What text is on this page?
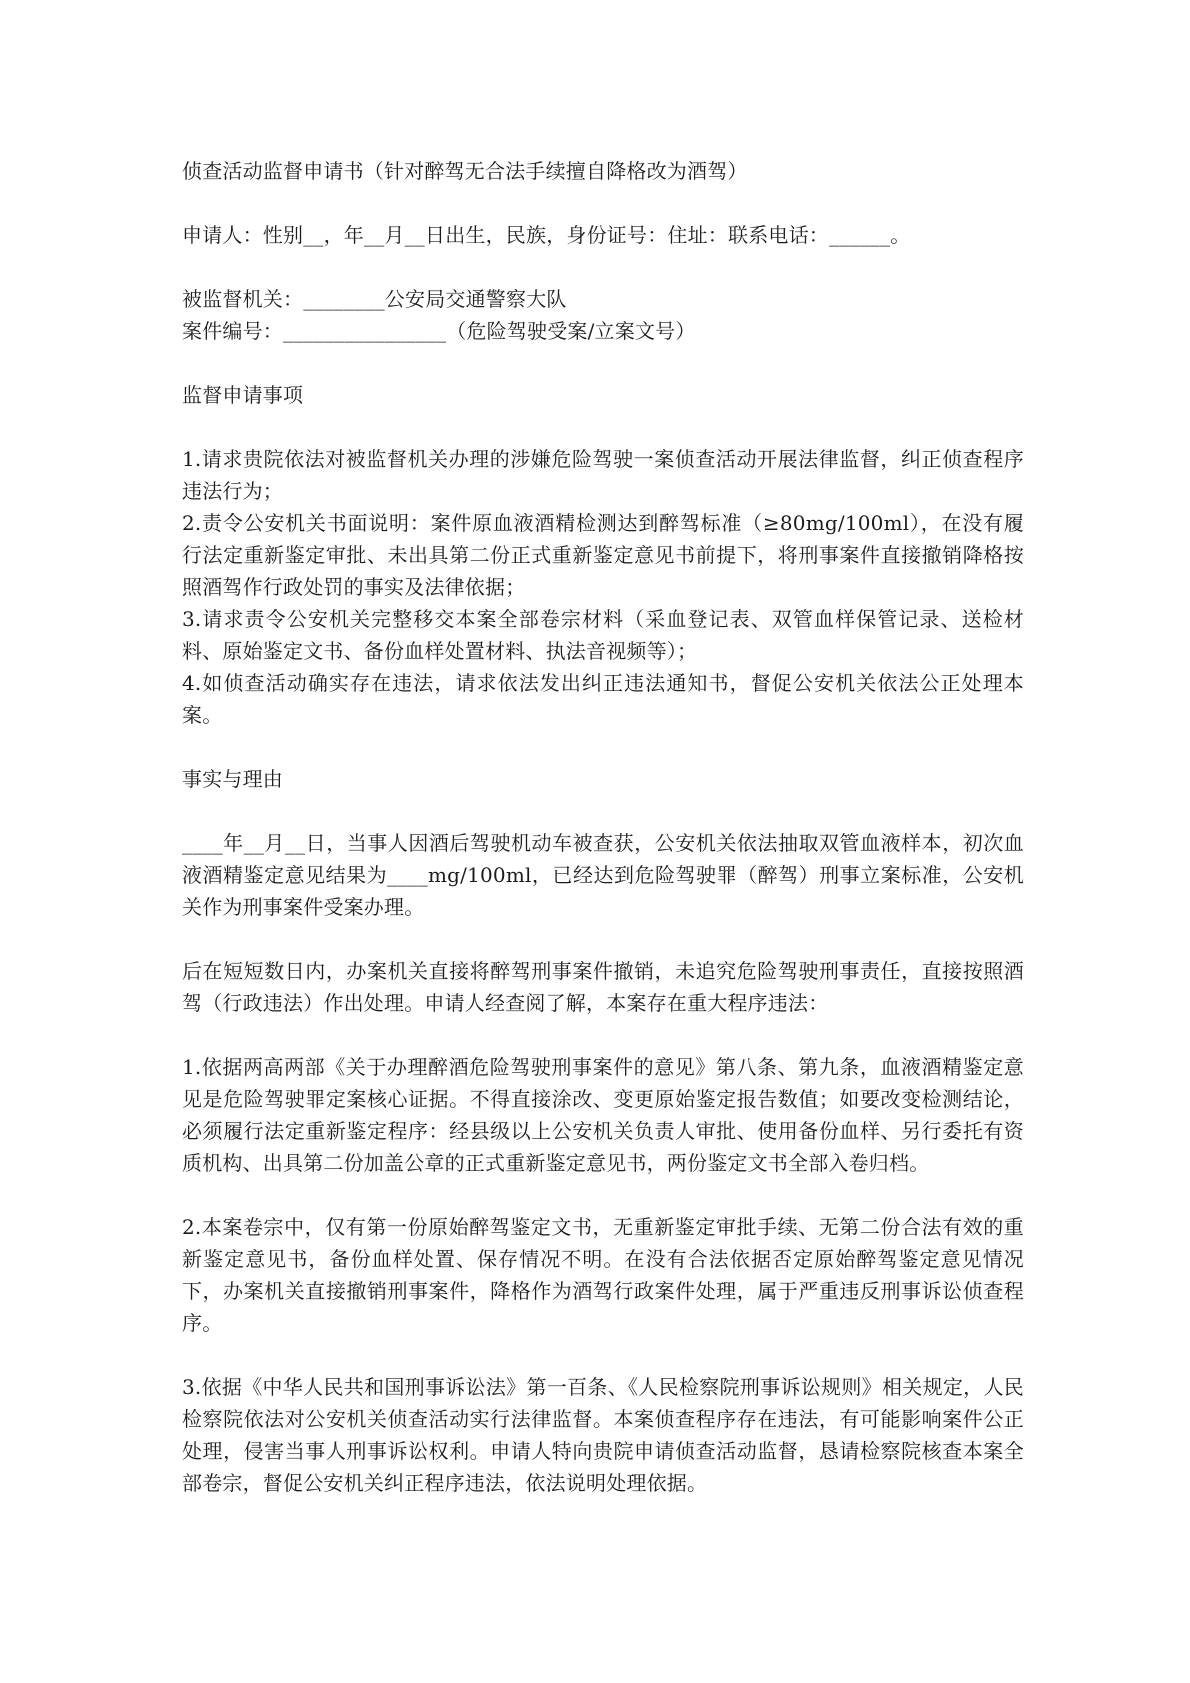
侦查活动监督申请书（针对醉驾无合法手续擅自降格改为酒驾）

申请人：性别__，年__月__日出生，民族，身份证号：住址：联系电话：______。

被监督机关：________公安局交通警察大队

案件编号：________________（危险驾驶受案/立案文号）

监督申请事项

1.请求贵院依法对被监督机关办理的涉嫌危险驾驶一案侦查活动开展法律监督，纠正侦查程序违法行为；

2.责令公安机关书面说明：案件原血液酒精检测达到醉驾标准（≥80mg/100ml），在没有履行法定重新鉴定审批、未出具第二份正式重新鉴定意见书前提下，将刑事案件直接撤销降格按照酒驾作行政处罚的事实及法律依据；

3.请求责令公安机关完整移交本案全部卷宗材料（采血登记表、双管血样保管记录、送检材料、原始鉴定文书、备份血样处置材料、执法音视频等）；

4.如侦查活动确实存在违法，请求依法发出纠正违法通知书，督促公安机关依法公正处理本案。

事实与理由

____年__月__日，当事人因酒后驾驶机动车被查获，公安机关依法抽取双管血液样本，初次血液酒精鉴定意见结果为____mg/100ml，已经达到危险驾驶罪（醉驾）刑事立案标准，公安机关作为刑事案件受案办理。

后在短短数日内，办案机关直接将醉驾刑事案件撤销，未追究危险驾驶刑事责任，直接按照酒驾（行政违法）作出处理。申请人经查阅了解，本案存在重大程序违法：

1.依据两高两部《关于办理醉酒危险驾驶刑事案件的意见》第八条、第九条，血液酒精鉴定意见是危险驾驶罪定案核心证据。不得直接涂改、变更原始鉴定报告数值；如要改变检测结论，必须履行法定重新鉴定程序：经县级以上公安机关负责人审批、使用备份血样、另行委托有资质机构、出具第二份加盖公章的正式重新鉴定意见书，两份鉴定文书全部入卷归档。

2.本案卷宗中，仅有第一份原始醉驾鉴定文书，无重新鉴定审批手续、无第二份合法有效的重新鉴定意见书，备份血样处置、保存情况不明。在没有合法依据否定原始醉驾鉴定意见情况下，办案机关直接撤销刑事案件，降格作为酒驾行政案件处理，属于严重违反刑事诉讼侦查程序。

3.依据《中华人民共和国刑事诉讼法》第一百条、《人民检察院刑事诉讼规则》相关规定，人民检察院依法对公安机关侦查活动实行法律监督。本案侦查程序存在违法，有可能影响案件公正处理，侵害当事人刑事诉讼权利。申请人特向贵院申请侦查活动监督，恳请检察院核查本案全部卷宗，督促公安机关纠正程序违法，依法说明处理依据。
